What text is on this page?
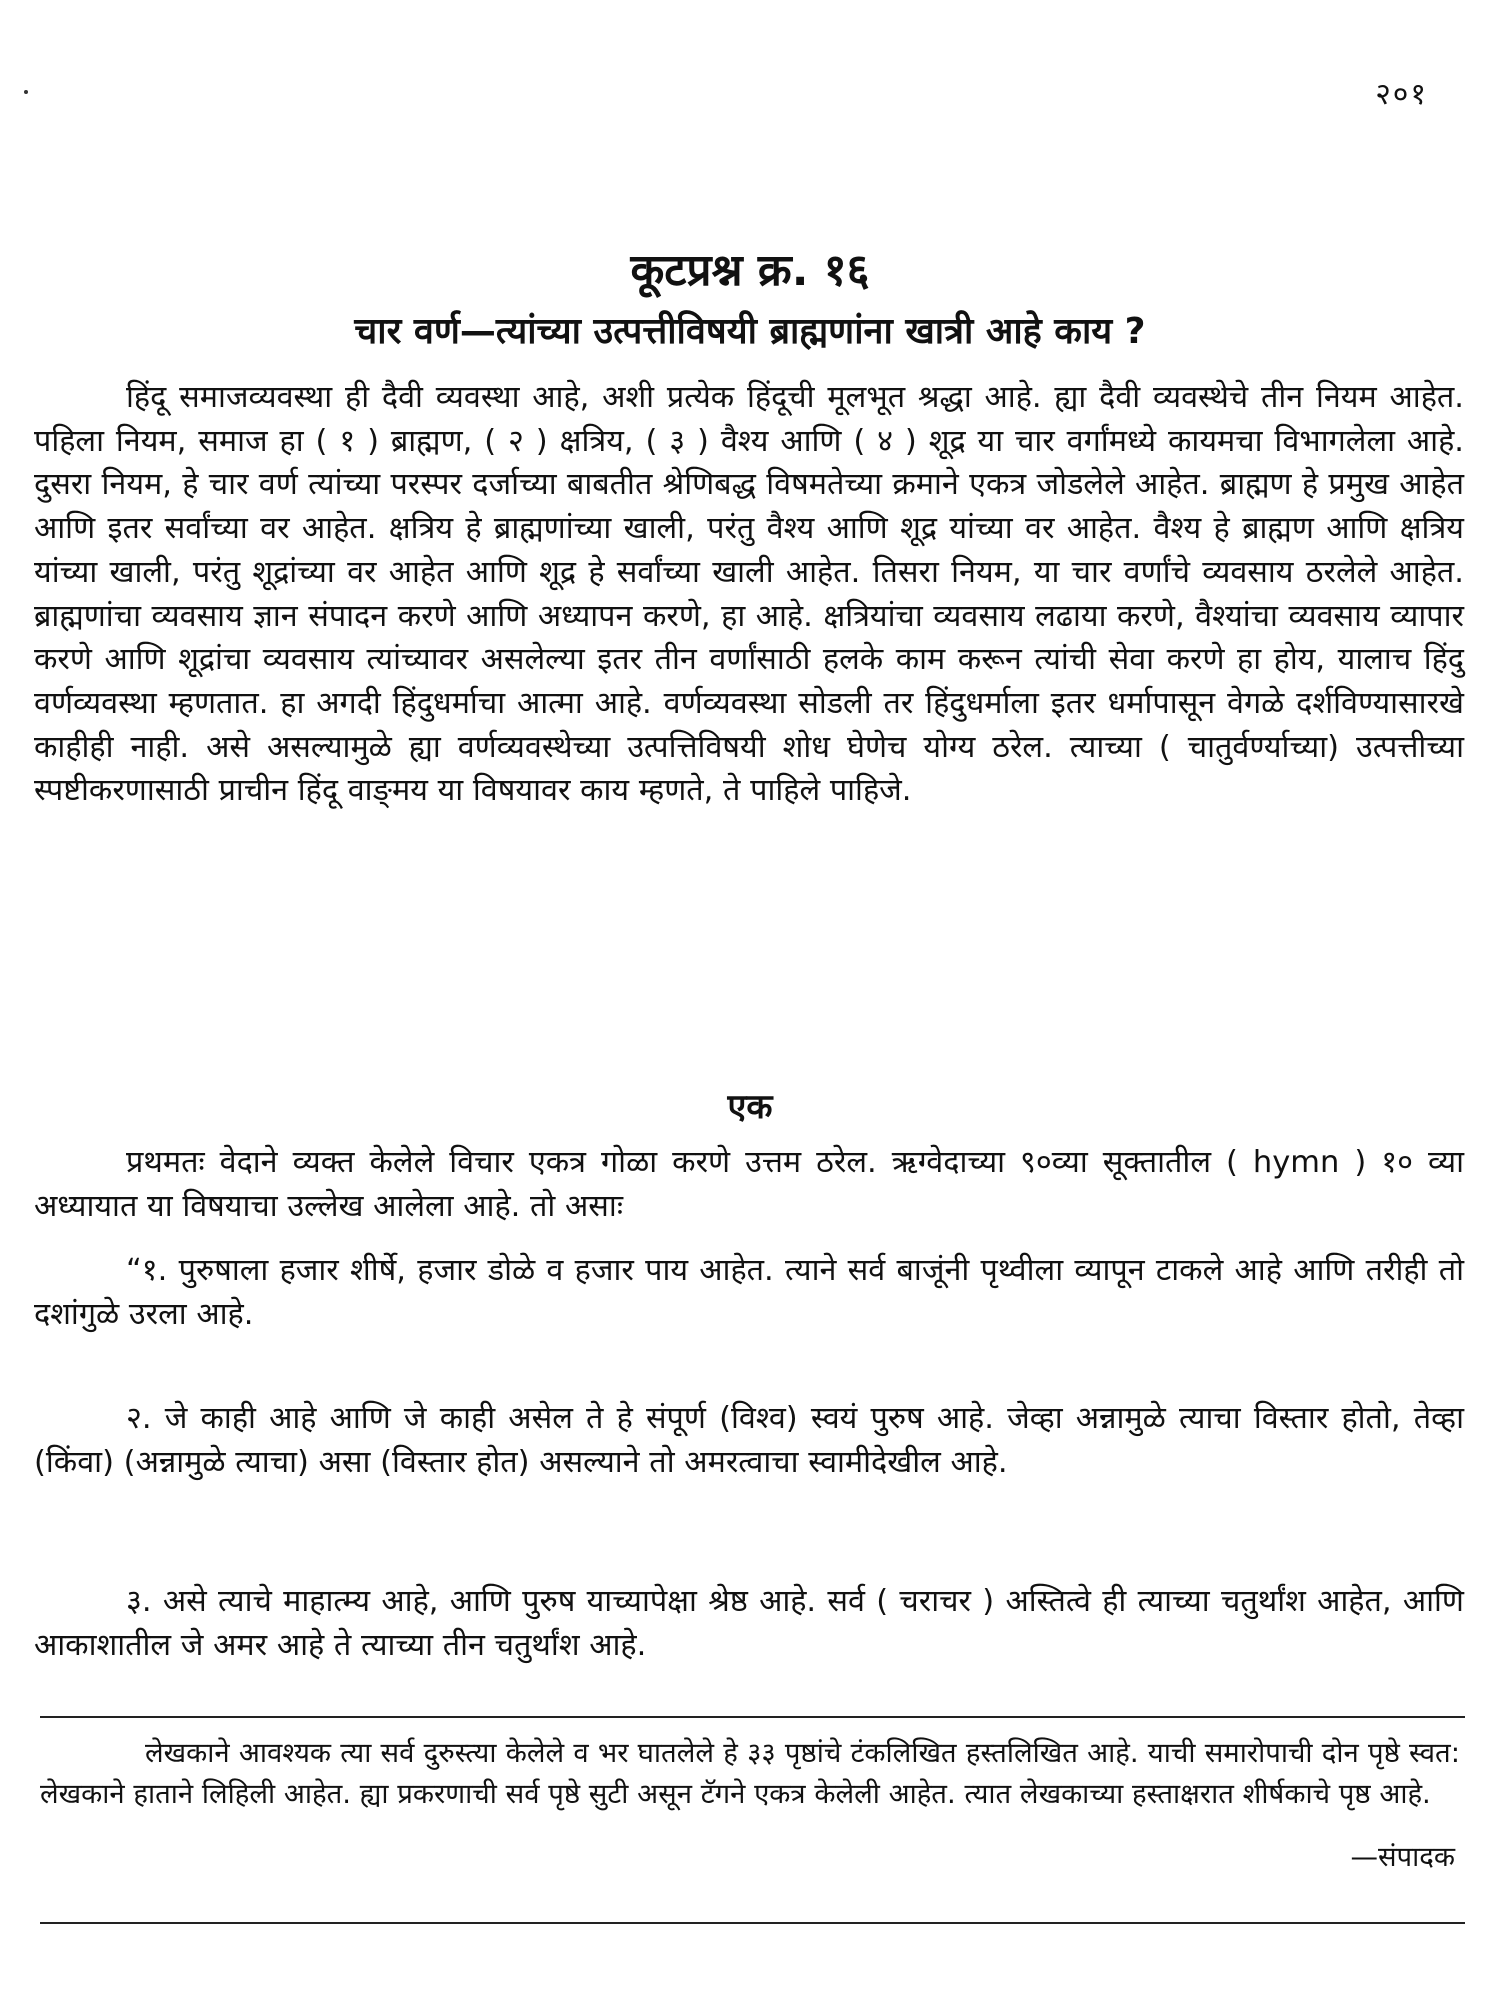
२०१
कूटप्रश्न क्र. १६
चार वर्ण—त्यांच्या उत्पत्तीविषयी ब्राह्मणांना खात्री आहे काय ?

हिंदू समाजव्यवस्था ही दैवी व्यवस्था आहे, अशी प्रत्येक हिंदूची मूलभूत श्रद्धा आहे. ह्या दैवी व्यवस्थेचे तीन नियम आहेत. पहिला नियम, समाज हा ( १ ) ब्राह्मण, ( २ ) क्षत्रिय, ( ३ ) वैश्य आणि ( ४ ) शूद्र या चार वर्गांमध्ये कायमचा विभागलेला आहे. दुसरा नियम, हे चार वर्ण त्यांच्या परस्पर दर्जाच्या बाबतीत श्रेणिबद्ध विषमतेच्या क्रमाने एकत्र जोडलेले आहेत. ब्राह्मण हे प्रमुख आहेत आणि इतर सर्वांच्या वर आहेत. क्षत्रिय हे ब्राह्मणांच्या खाली, परंतु वैश्य आणि शूद्र यांच्या वर आहेत. वैश्य हे ब्राह्मण आणि क्षत्रिय यांच्या खाली, परंतु शूद्रांच्या वर आहेत आणि शूद्र हे सर्वांच्या खाली आहेत. तिसरा नियम, या चार वर्णांचे व्यवसाय ठरलेले आहेत. ब्राह्मणांचा व्यवसाय ज्ञान संपादन करणे आणि अध्यापन करणे, हा आहे. क्षत्रियांचा व्यवसाय लढाया करणे, वैश्यांचा व्यवसाय व्यापार करणे आणि शूद्रांचा व्यवसाय त्यांच्यावर असलेल्या इतर तीन वर्णांसाठी हलके काम करून त्यांची सेवा करणे हा होय, यालाच हिंदु वर्णव्यवस्था म्हणतात. हा अगदी हिंदुधर्माचा आत्मा आहे. वर्णव्यवस्था सोडली तर हिंदुधर्माला इतर धर्मापासून वेगळे दर्शविण्यासारखे काहीही नाही. असे असल्यामुळे ह्या वर्णव्यवस्थेच्या उत्पत्तिविषयी शोध घेणेच योग्य ठरेल. त्याच्या ( चातुर्वर्ण्याच्या) उत्पत्तीच्या स्पष्टीकरणासाठी प्राचीन हिंदू वाङ्‌मय या विषयावर काय म्हणते, ते पाहिले पाहिजे.

एक

प्रथमतः वेदाने व्यक्त केलेले विचार एकत्र गोळा करणे उत्तम ठरेल. ऋग्वेदाच्या ९०व्या सूक्तातील ( hymn ) १० व्या अध्यायात या विषयाचा उल्लेख आलेला आहे. तो असाः

“१. पुरुषाला हजार शीर्षे, हजार डोळे व हजार पाय आहेत. त्याने सर्व बाजूंनी पृथ्वीला व्यापून टाकले आहे आणि तरीही तो दशांगुळे उरला आहे.

२. जे काही आहे आणि जे काही असेल ते हे संपूर्ण (विश्व) स्वयं पुरुष आहे. जेव्हा अन्नामुळे त्याचा विस्तार होतो, तेव्हा (किंवा) (अन्नामुळे त्याचा) असा (विस्तार होत) असल्याने तो अमरत्वाचा स्वामीदेखील आहे.

३. असे त्याचे माहात्म्य आहे, आणि पुरुष याच्यापेक्षा श्रेष्ठ आहे. सर्व ( चराचर ) अस्तित्वे ही त्याच्या चतुर्थांश आहेत, आणि आकाशातील जे अमर आहे ते त्याच्या तीन चतुर्थांश आहे.

लेखकाने आवश्यक त्या सर्व दुरुस्त्या केलेले व भर घातलेले हे ३३ पृष्ठांचे टंकलिखित हस्तलिखित आहे. याची समारोपाची दोन पृष्ठे स्वत: लेखकाने हाताने लिहिली आहेत. ह्या प्रकरणाची सर्व पृष्ठे सुटी असून टॅगने एकत्र केलेली आहेत. त्यात लेखकाच्या हस्ताक्षरात शीर्षकाचे पृष्ठ आहे.

—संपादक
